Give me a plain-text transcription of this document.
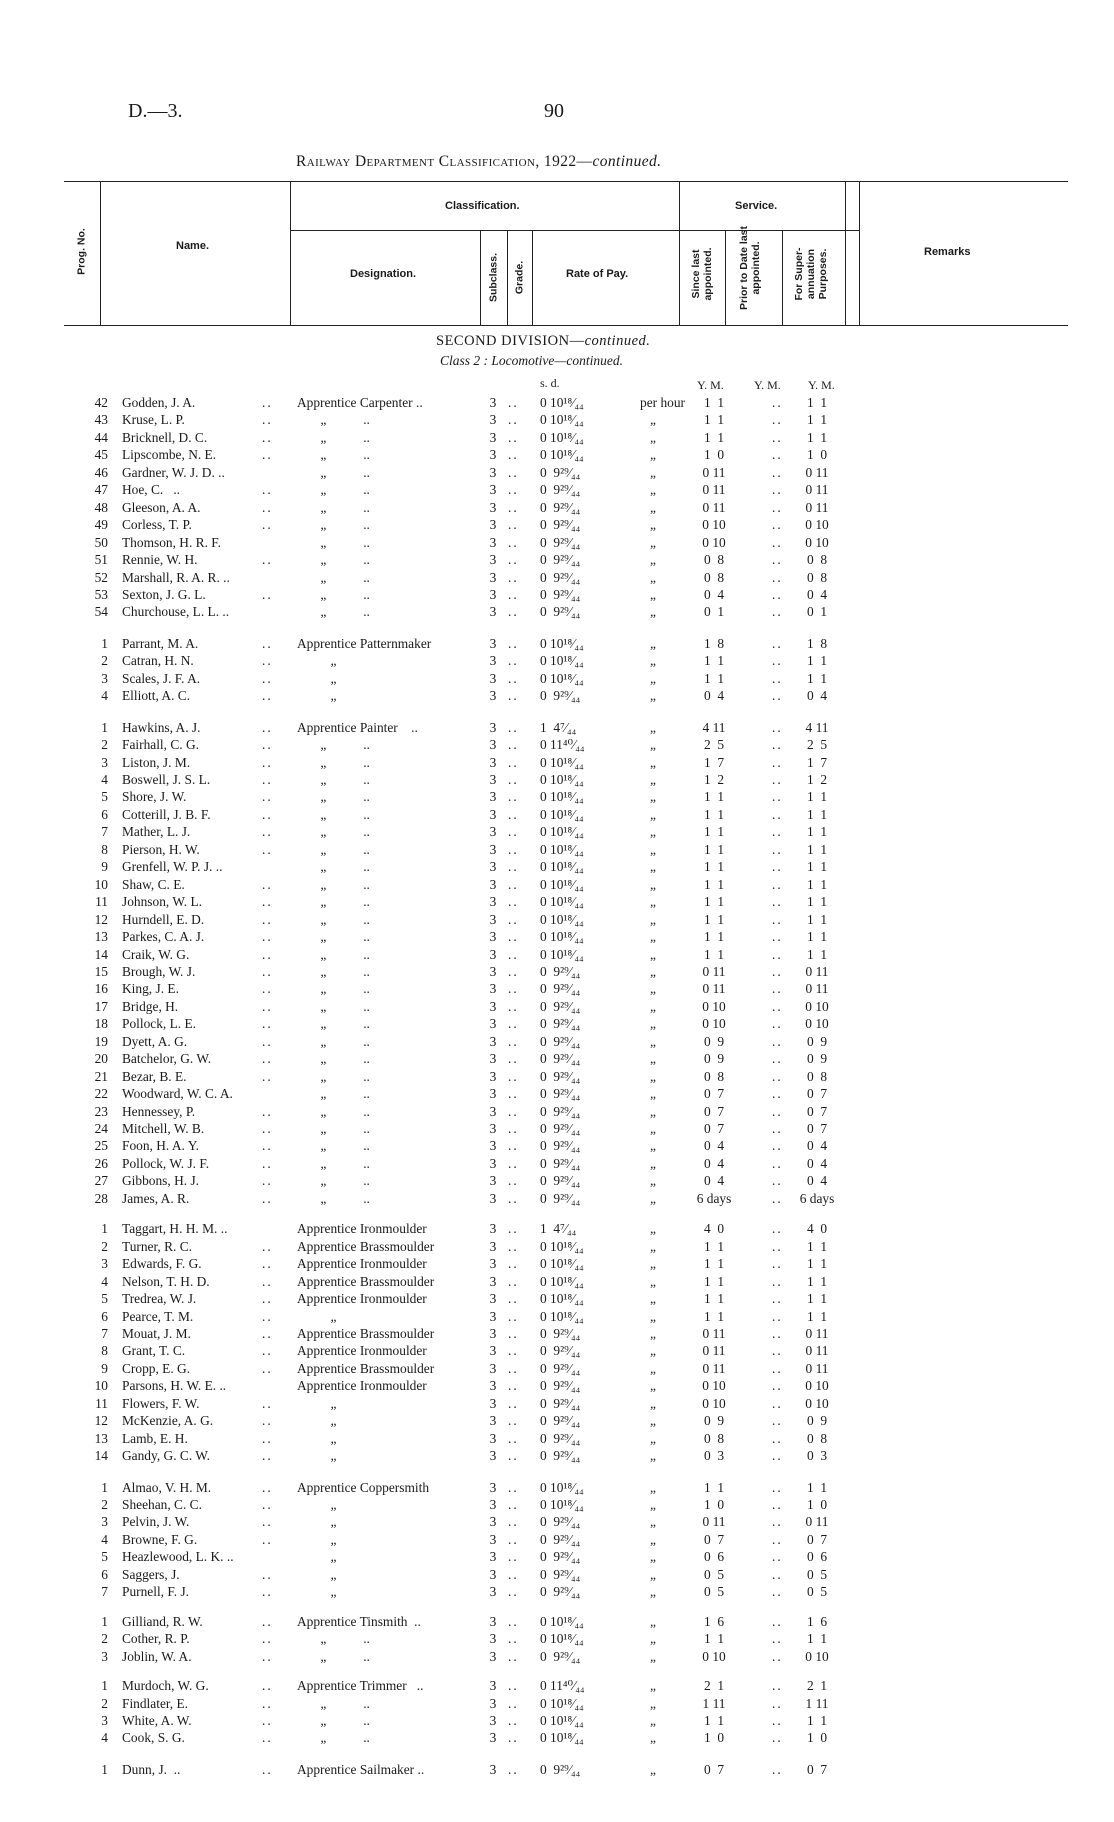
D.—3.	90
Railway Department Classification, 1922—continued.
Prog. No.	Name.
Classification.	Service.
Designation.	Subclass. Grade.	Rate of Pay.	Since last appointed. Prior to Date last appointed.	For Super-annuation Purposes.	Remarks
SECOND DIVISION—continued.
Class 2 : Locomotive—continued.
s. d.	Y. M.	Y. M. Y. M.
42 Godden, J. A.	.. Apprentice Carpenter ..	3 .. 0 10¹⁸⁄₄₄	per hour	1  1	..	1  1
43 Kruse, L. P.	.. „           ..	3 .. 0 10¹⁸⁄₄₄	„	1  1	..	1  1
44 Bricknell, D. C.	.. „           ..	3 .. 0 10¹⁸⁄₄₄	„	1  1	..	1  1
45 Lipscombe, N. E.	.. „           ..	3 .. 0 10¹⁸⁄₄₄	„	1  0	..	1  0
46 Gardner, W. J. D. ..	„           ..	3 .. 0  9²⁹⁄₄₄	„	0 11	..	0 11
47 Hoe, C.   ..	.. „           ..	3 .. 0  9²⁹⁄₄₄	„	0 11	..	0 11
48 Gleeson, A. A.	.. „           ..	3 .. 0  9²⁹⁄₄₄	„	0 11	..	0 11
49 Corless, T. P.	.. „           ..	3 .. 0  9²⁹⁄₄₄	„	0 10	..	0 10
50 Thomson, H. R. F.	„           ..	3 .. 0  9²⁹⁄₄₄	„	0 10	..	0 10
51 Rennie, W. H.	.. „           ..	3 .. 0  9²⁹⁄₄₄	„	0  8	..	0  8
52 Marshall, R. A. R. ..	„           ..	3 .. 0  9²⁹⁄₄₄	„	0  8	..	0  8
53 Sexton, J. G. L.	.. „           ..	3 .. 0  9²⁹⁄₄₄	„	0  4	..	0  4
54 Churchouse, L. L. ..	„           ..	3 .. 0  9²⁹⁄₄₄	„	0  1	..	0  1
1 Parrant, M. A.	.. Apprentice Patternmaker	3 .. 0 10¹⁸⁄₄₄	„	1  8	..	1  8
2 Catran, H. N.	.. „	3 .. 0 10¹⁸⁄₄₄	„	1  1	..	1  1
3 Scales, J. F. A.	.. „	3 .. 0 10¹⁸⁄₄₄	„	1  1	..	1  1
4 Elliott, A. C.	.. „	3 .. 0  9²⁹⁄₄₄	„	0  4	..	0  4
1 Hawkins, A. J.	.. Apprentice Painter    ..	3 .. 1  4⁷⁄₄₄	„	4 11	..	4 11
2 Fairhall, C. G.	.. „           ..	3 .. 0 11⁴⁰⁄₄₄	„	2  5	..	2  5
3 Liston, J. M.	.. „           ..	3 .. 0 10¹⁸⁄₄₄	„	1  7	..	1  7
4 Boswell, J. S. L.	.. „           ..	3 .. 0 10¹⁸⁄₄₄	„	1  2	..	1  2
5 Shore, J. W.	.. „           ..	3 .. 0 10¹⁸⁄₄₄	„	1  1	..	1  1
6 Cotterill, J. B. F.	.. „           ..	3 .. 0 10¹⁸⁄₄₄	„	1  1	..	1  1
7 Mather, L. J.	.. „           ..	3 .. 0 10¹⁸⁄₄₄	„	1  1	..	1  1
8 Pierson, H. W.	.. „           ..	3 .. 0 10¹⁸⁄₄₄	„	1  1	..	1  1
9 Grenfell, W. P. J. ..	„           ..	3 .. 0 10¹⁸⁄₄₄	„	1  1	..	1  1
10 Shaw, C. E.	.. „           ..	3 .. 0 10¹⁸⁄₄₄	„	1  1	..	1  1
11 Johnson, W. L.	.. „           ..	3 .. 0 10¹⁸⁄₄₄	„	1  1	..	1  1
12 Hurndell, E. D.	.. „           ..	3 .. 0 10¹⁸⁄₄₄	„	1  1	..	1  1
13 Parkes, C. A. J.	.. „           ..	3 .. 0 10¹⁸⁄₄₄	„	1  1	..	1  1
14 Craik, W. G.	.. „           ..	3 .. 0 10¹⁸⁄₄₄	„	1  1	..	1  1
15 Brough, W. J.	.. „           ..	3 .. 0  9²⁹⁄₄₄	„	0 11	..	0 11
16 King, J. E.	.. „           ..	3 .. 0  9²⁹⁄₄₄	„	0 11	..	0 11
17 Bridge, H.	.. „           ..	3 .. 0  9²⁹⁄₄₄	„	0 10	..	0 10
18 Pollock, L. E.	.. „           ..	3 .. 0  9²⁹⁄₄₄	„	0 10	..	0 10
19 Dyett, A. G.	.. „           ..	3 .. 0  9²⁹⁄₄₄	„	0  9	..	0  9
20 Batchelor, G. W.	.. „           ..	3 .. 0  9²⁹⁄₄₄	„	0  9	..	0  9
21 Bezar, B. E.	.. „           ..	3 .. 0  9²⁹⁄₄₄	„	0  8	..	0  8
22 Woodward, W. C. A.	„           ..	3 .. 0  9²⁹⁄₄₄	„	0  7	..	0  7
23 Hennessey, P.	.. „           ..	3 .. 0  9²⁹⁄₄₄	„	0  7	..	0  7
24 Mitchell, W. B.	.. „           ..	3 .. 0  9²⁹⁄₄₄	„	0  7	..	0  7
25 Foon, H. A. Y.	.. „           ..	3 .. 0  9²⁹⁄₄₄	„	0  4	..	0  4
26 Pollock, W. J. F.	.. „           ..	3 .. 0  9²⁹⁄₄₄	„	0  4	..	0  4
27 Gibbons, H. J.	.. „           ..	3 .. 0  9²⁹⁄₄₄	„	0  4	..	0  4
28 James, A. R.	.. „           ..	3 .. 0  9²⁹⁄₄₄	„	6 days	..	6 days
1 Taggart, H. H. M. ..	Apprentice Ironmoulder	3 .. 1  4⁷⁄₄₄	„	4  0	..	4  0
2 Turner, R. C.	.. Apprentice Brassmoulder	3 .. 0 10¹⁸⁄₄₄	„	1  1	..	1  1
3 Edwards, F. G.	.. Apprentice Ironmoulder	3 .. 0 10¹⁸⁄₄₄	„	1  1	..	1  1
4 Nelson, T. H. D.	.. Apprentice Brassmoulder	3 .. 0 10¹⁸⁄₄₄	„	1  1	..	1  1
5 Tredrea, W. J.	.. Apprentice Ironmoulder	3 .. 0 10¹⁸⁄₄₄	„	1  1	..	1  1
6 Pearce, T. M.	.. „	3 .. 0 10¹⁸⁄₄₄	„	1  1	..	1  1
7 Mouat, J. M.	.. Apprentice Brassmoulder	3 .. 0  9²⁹⁄₄₄	„	0 11	..	0 11
8 Grant, T. C.	.. Apprentice Ironmoulder	3 .. 0  9²⁹⁄₄₄	„	0 11	..	0 11
9 Cropp, E. G.	.. Apprentice Brassmoulder	3 .. 0  9²⁹⁄₄₄	„	0 11	..	0 11
10 Parsons, H. W. E. ..	Apprentice Ironmoulder	3 .. 0  9²⁹⁄₄₄	„	0 10	..	0 10
11 Flowers, F. W.	.. „	3 .. 0  9²⁹⁄₄₄	„	0 10	..	0 10
12 McKenzie, A. G.	.. „	3 .. 0  9²⁹⁄₄₄	„	0  9	..	0  9
13 Lamb, E. H.	.. „	3 .. 0  9²⁹⁄₄₄	„	0  8	..	0  8
14 Gandy, G. C. W.	.. „	3 .. 0  9²⁹⁄₄₄	„	0  3	..	0  3
1 Almao, V. H. M.	.. Apprentice Coppersmith	3 .. 0 10¹⁸⁄₄₄	„	1  1	..	1  1
2 Sheehan, C. C.	.. „	3 .. 0 10¹⁸⁄₄₄	„	1  0	..	1  0
3 Pelvin, J. W.	.. „	3 .. 0  9²⁹⁄₄₄	„	0 11	..	0 11
4 Browne, F. G.	.. „	3 .. 0  9²⁹⁄₄₄	„	0  7	..	0  7
5 Heazlewood, L. K. ..	„	3 .. 0  9²⁹⁄₄₄	„	0  6	..	0  6
6 Saggers, J.	.. „	3 .. 0  9²⁹⁄₄₄	„	0  5	..	0  5
7 Purnell, F. J.	.. „	3 .. 0  9²⁹⁄₄₄	„	0  5	..	0  5
1 Gilliand, R. W.	.. Apprentice Tinsmith  ..	3 .. 0 10¹⁸⁄₄₄	„	1  6	..	1  6
2 Cother, R. P.	.. „           ..	3 .. 0 10¹⁸⁄₄₄	„	1  1	..	1  1
3 Joblin, W. A.	.. „           ..	3 .. 0  9²⁹⁄₄₄	„	0 10	..	0 10
1 Murdoch, W. G.	.. Apprentice Trimmer   ..	3 .. 0 11⁴⁰⁄₄₄	„	2  1	..	2  1
2 Findlater, E.	.. „           ..	3 .. 0 10¹⁸⁄₄₄	„	1 11	..	1 11
3 White, A. W.	.. „           ..	3 .. 0 10¹⁸⁄₄₄	„	1  1	..	1  1
4 Cook, S. G.	.. „           ..	3 .. 0 10¹⁸⁄₄₄	„	1  0	..	1  0
1 Dunn, J.  ..	.. Apprentice Sailmaker ..	3 .. 0  9²⁹⁄₄₄	„	0  7	..	0  7
